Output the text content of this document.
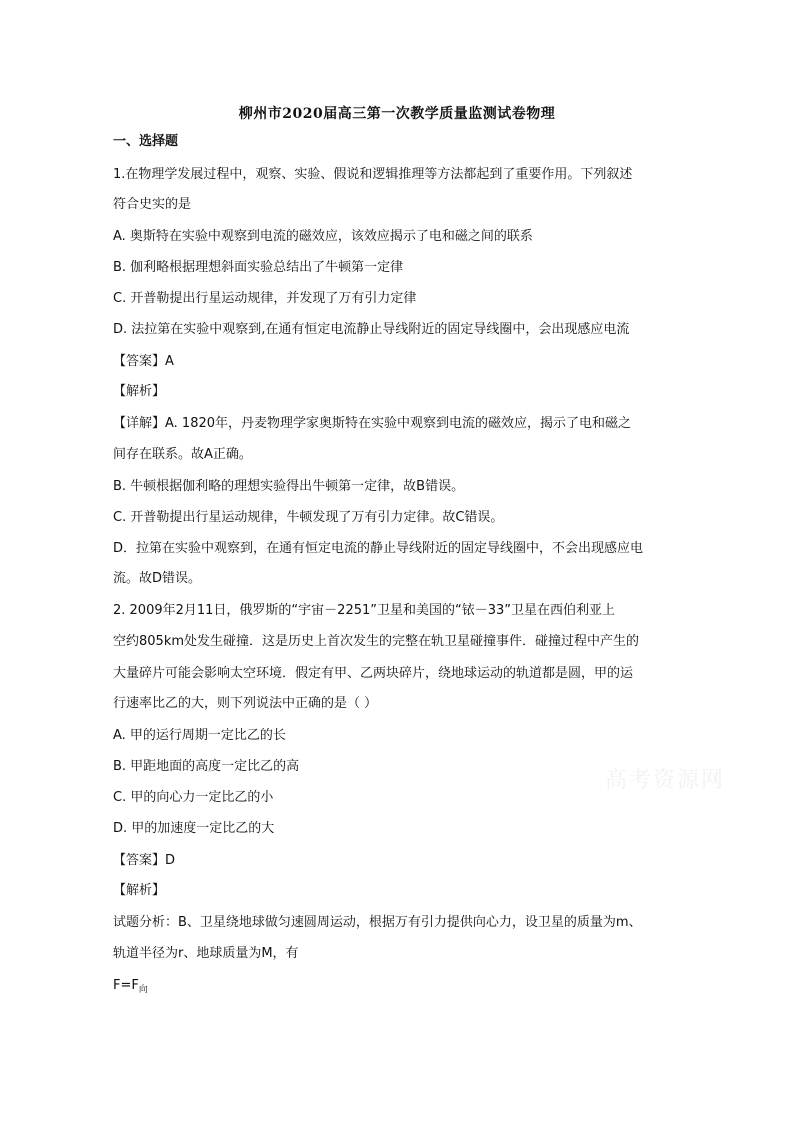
柳州市2020届高三第一次教学质量监测试卷物理
一、选择题
1.在物理学发展过程中，观察、实验、假说和逻辑推理等方法都起到了重要作用。下列叙述
符合史实的是
A. 奥斯特在实验中观察到电流的磁效应，该效应揭示了电和磁之间的联系
B. 伽利略根据理想斜面实验总结出了牛顿第一定律
C. 开普勒提出行星运动规律，并发现了万有引力定律
D. 法拉第在实验中观察到,在通有恒定电流静止导线附近的固定导线圈中，会出现感应电流
【答案】A
【解析】
【详解】A. 1820年，丹麦物理学家奥斯特在实验中观察到电流的磁效应，揭示了电和磁之
间存在联系。故A正确。
B. 牛顿根据伽利略的理想实验得出牛顿第一定律，故B错误。
C. 开普勒提出行星运动规律，牛顿发现了万有引力定律。故C错误。
D．拉第在实验中观察到，在通有恒定电流的静止导线附近的固定导线圈中，不会出现感应电
流。故D错误。
2. 2009年2月11日，俄罗斯的“宇宙－2251”卫星和美国的“铱－33”卫星在西伯利亚上
空约805km处发生碰撞．这是历史上首次发生的完整在轨卫星碰撞事件．碰撞过程中产生的
大量碎片可能会影响太空环境．假定有甲、乙两块碎片，绕地球运动的轨道都是圆，甲的运
行速率比乙的大，则下列说法中正确的是（ ）
A. 甲的运行周期一定比乙的长
B. 甲距地面的高度一定比乙的高
C. 甲的向心力一定比乙的小
D. 甲的加速度一定比乙的大
【答案】D
【解析】
试题分析：B、卫星绕地球做匀速圆周运动，根据万有引力提供向心力，设卫星的质量为m、
轨道半径为r、地球质量为M，有
$F=F_向$
高考资源网
